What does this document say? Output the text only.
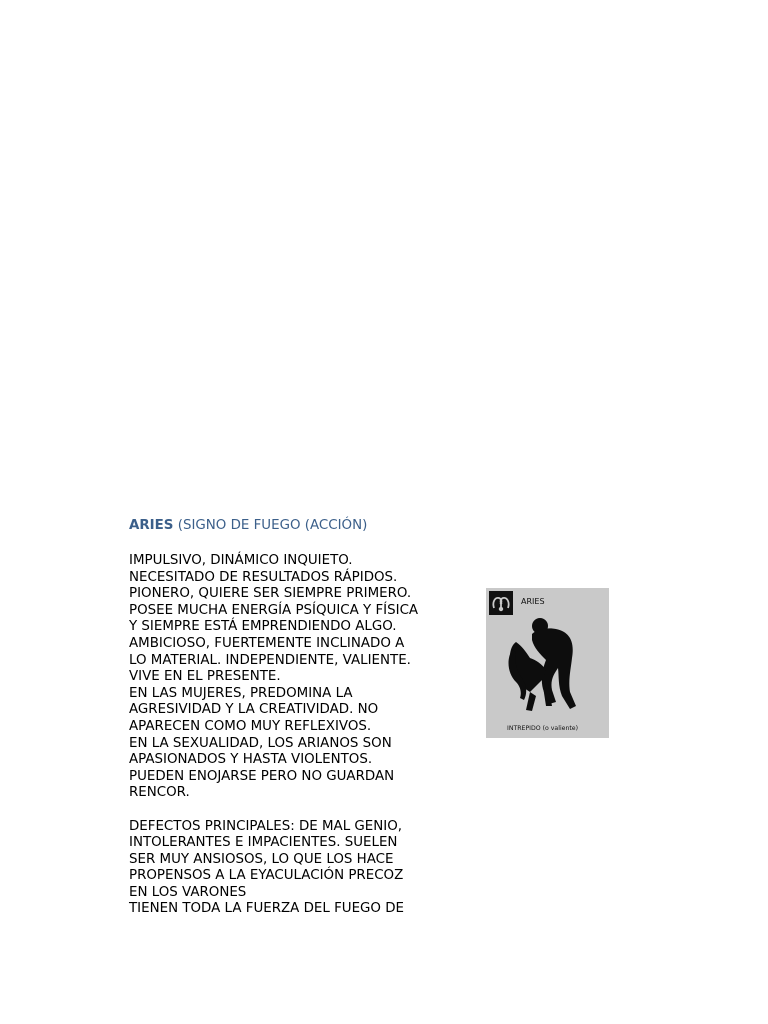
ARIES (SIGNO DE FUEGO (ACCIÓN)
IMPULSIVO, DINÁMICO INQUIETO.
NECESITADO DE RESULTADOS RÁPIDOS.
PIONERO, QUIERE SER SIEMPRE PRIMERO.
POSEE MUCHA ENERGÍA PSÍQUICA Y FÍSICA
Y SIEMPRE ESTÁ EMPRENDIENDO ALGO.
AMBICIOSO, FUERTEMENTE INCLINADO A
LO MATERIAL. INDEPENDIENTE, VALIENTE.
VIVE EN EL PRESENTE.
EN LAS MUJERES, PREDOMINA LA
AGRESIVIDAD Y LA CREATIVIDAD. NO
APARECEN COMO MUY REFLEXIVOS.
EN LA SEXUALIDAD, LOS ARIANOS SON
APASIONADOS Y HASTA VIOLENTOS.
PUEDEN ENOJARSE PERO NO GUARDAN
RENCOR.
DEFECTOS PRINCIPALES: DE MAL GENIO,
INTOLERANTES E IMPACIENTES. SUELEN
SER MUY ANSIOSOS, LO QUE LOS HACE
PROPENSOS A LA EYACULACIÓN PRECOZ
EN LOS VARONES
TIENEN TODA LA FUERZA DEL FUEGO DE
ARIES
INTREPIDO (o valiente)
